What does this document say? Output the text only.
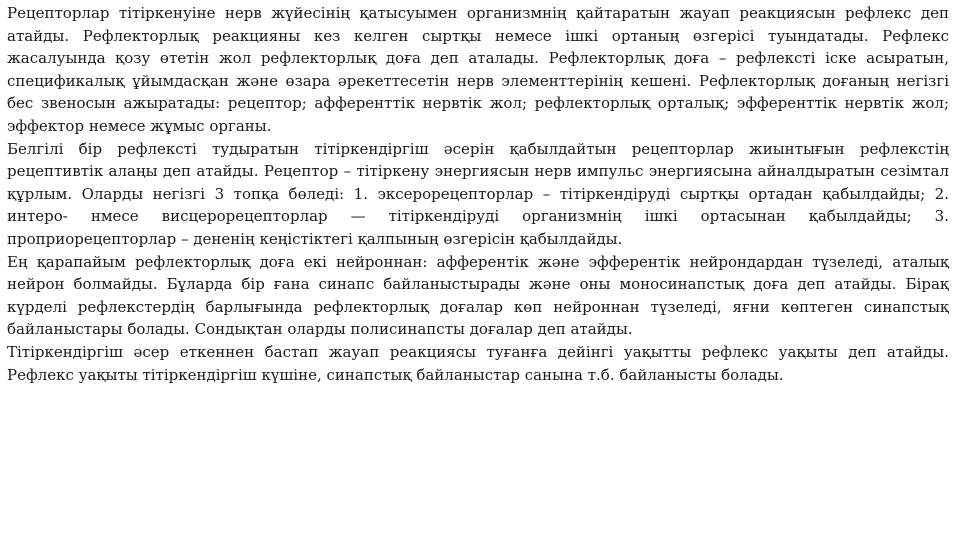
Рецепторлар тітіркенуіне нерв жүйесінің қатысуымен организмнің қайтаратын жауап реакциясын рефлекс деп атайды. Рефлекторлық реакцияны кез келген сыртқы немесе ішкі ортаның өзгерісі туындатады. Рефлекс жасалуында қозу өтетін жол рефлекторлық доға деп аталады. Рефлекторлық доға – рефлексті іске асыратын, спецификалық ұйымдасқан және өзара әрекеттесетін нерв элементтерінің кешені. Рефлекторлық доғаның негізгі бес звеносын ажыратады: рецептор; афференттік нервтік жол; рефлекторлық орталық; эфференттік нервтік жол; эффектор немесе жұмыс органы.

Белгілі бір рефлексті тудыратын тітіркендіргіш әсерін қабылдайтын рецепторлар жиынтығын рефлекстің рецептивтік алаңы деп атайды. Рецептор – тітіркену энергиясын нерв импульс энергиясына айналдыратын сезімтал құрлым. Оларды негізгі 3 топқа бөледі: 1. эксерорецепторлар – тітіркендіруді сыртқы ортадан қабылдайды; 2. интеро- нмесе висцерорецепторлар — тітіркендіруді организмнің ішкі ортасынан қабылдайды; 3. проприорецепторлар – дененің кеңістіктегі қалпының өзгерісін қабылдайды.

Ең қарапайым рефлекторлық доға екі нейроннан: афферентік және эфферентік нейрондардан түзеледі, аталық нейрон болмайды. Бұларда бір ғана синапс байланыстырады және оны моносинапстық доға деп атайды. Бірақ күрделі рефлекстердің барлығында рефлекторлық доғалар көп нейроннан түзеледі, яғни көптеген синапстық байланыстары болады. Сондықтан оларды полисинапсты доғалар деп атайды.

Тітіркендіргіш әсер еткеннен бастап жауап реакциясы туғанға дейінгі уақытты рефлекс уақыты деп атайды. Рефлекс уақыты тітіркендіргіш күшіне, синапстық байланыстар санына т.б. байланысты болады.
